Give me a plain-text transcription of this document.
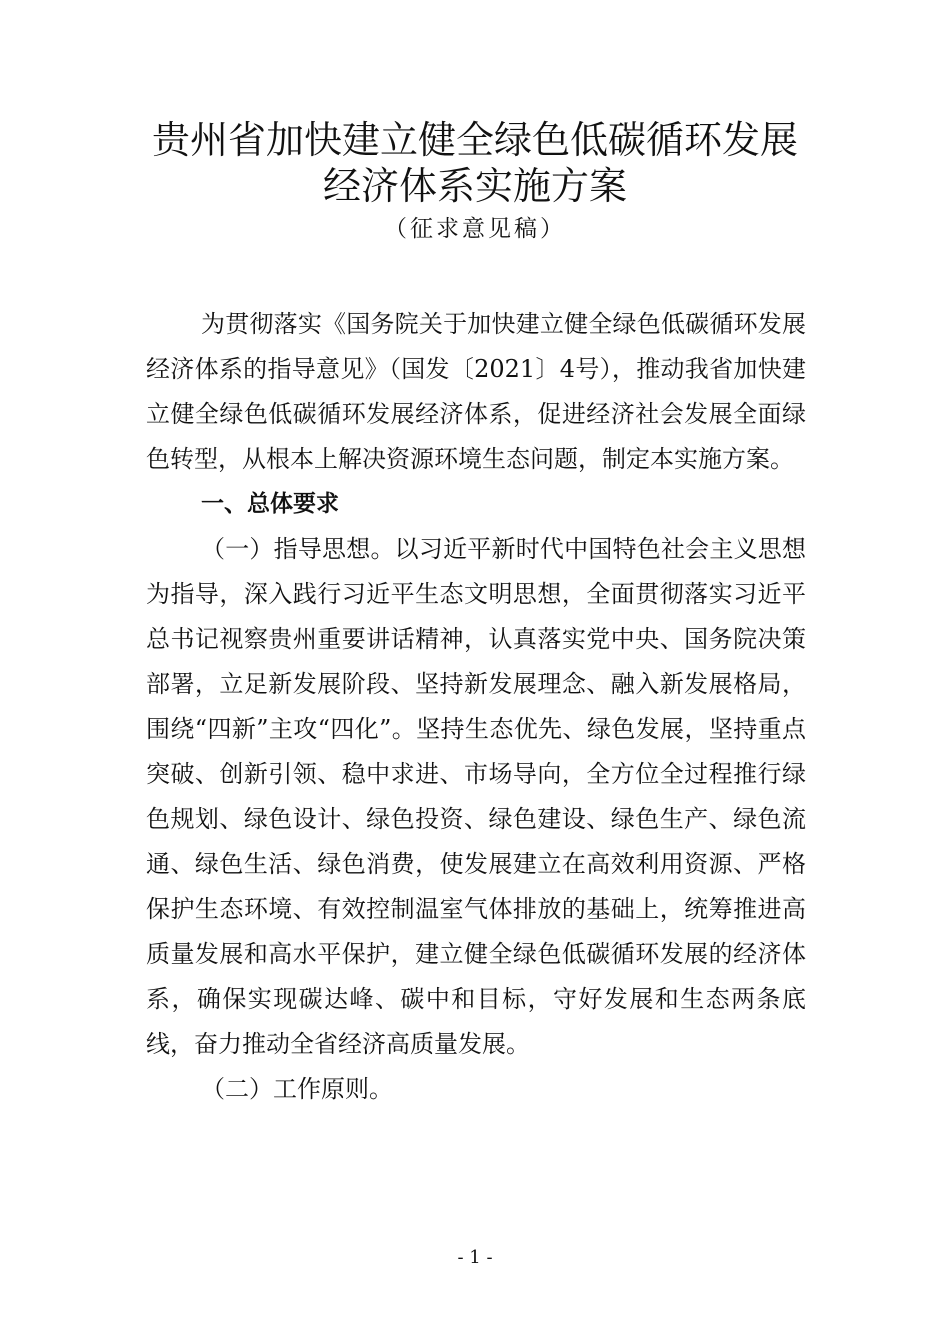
贵州省加快建立健全绿色低碳循环发展
经济体系实施方案
（征求意见稿）

为贯彻落实《国务院关于加快建立健全绿色低碳循环发展经济体系的指导意见》（国发〔2021〕4号），推动我省加快建立健全绿色低碳循环发展经济体系，促进经济社会发展全面绿色转型，从根本上解决资源环境生态问题，制定本实施方案。

一、总体要求

（一）指导思想。以习近平新时代中国特色社会主义思想为指导，深入践行习近平生态文明思想，全面贯彻落实习近平总书记视察贵州重要讲话精神，认真落实党中央、国务院决策部署，立足新发展阶段、坚持新发展理念、融入新发展格局，围绕“四新”主攻“四化”。坚持生态优先、绿色发展，坚持重点突破、创新引领、稳中求进、市场导向，全方位全过程推行绿色规划、绿色设计、绿色投资、绿色建设、绿色生产、绿色流通、绿色生活、绿色消费，使发展建立在高效利用资源、严格保护生态环境、有效控制温室气体排放的基础上，统筹推进高质量发展和高水平保护，建立健全绿色低碳循环发展的经济体系，确保实现碳达峰、碳中和目标，守好发展和生态两条底线，奋力推动全省经济高质量发展。

（二）工作原则。

- 1 -
